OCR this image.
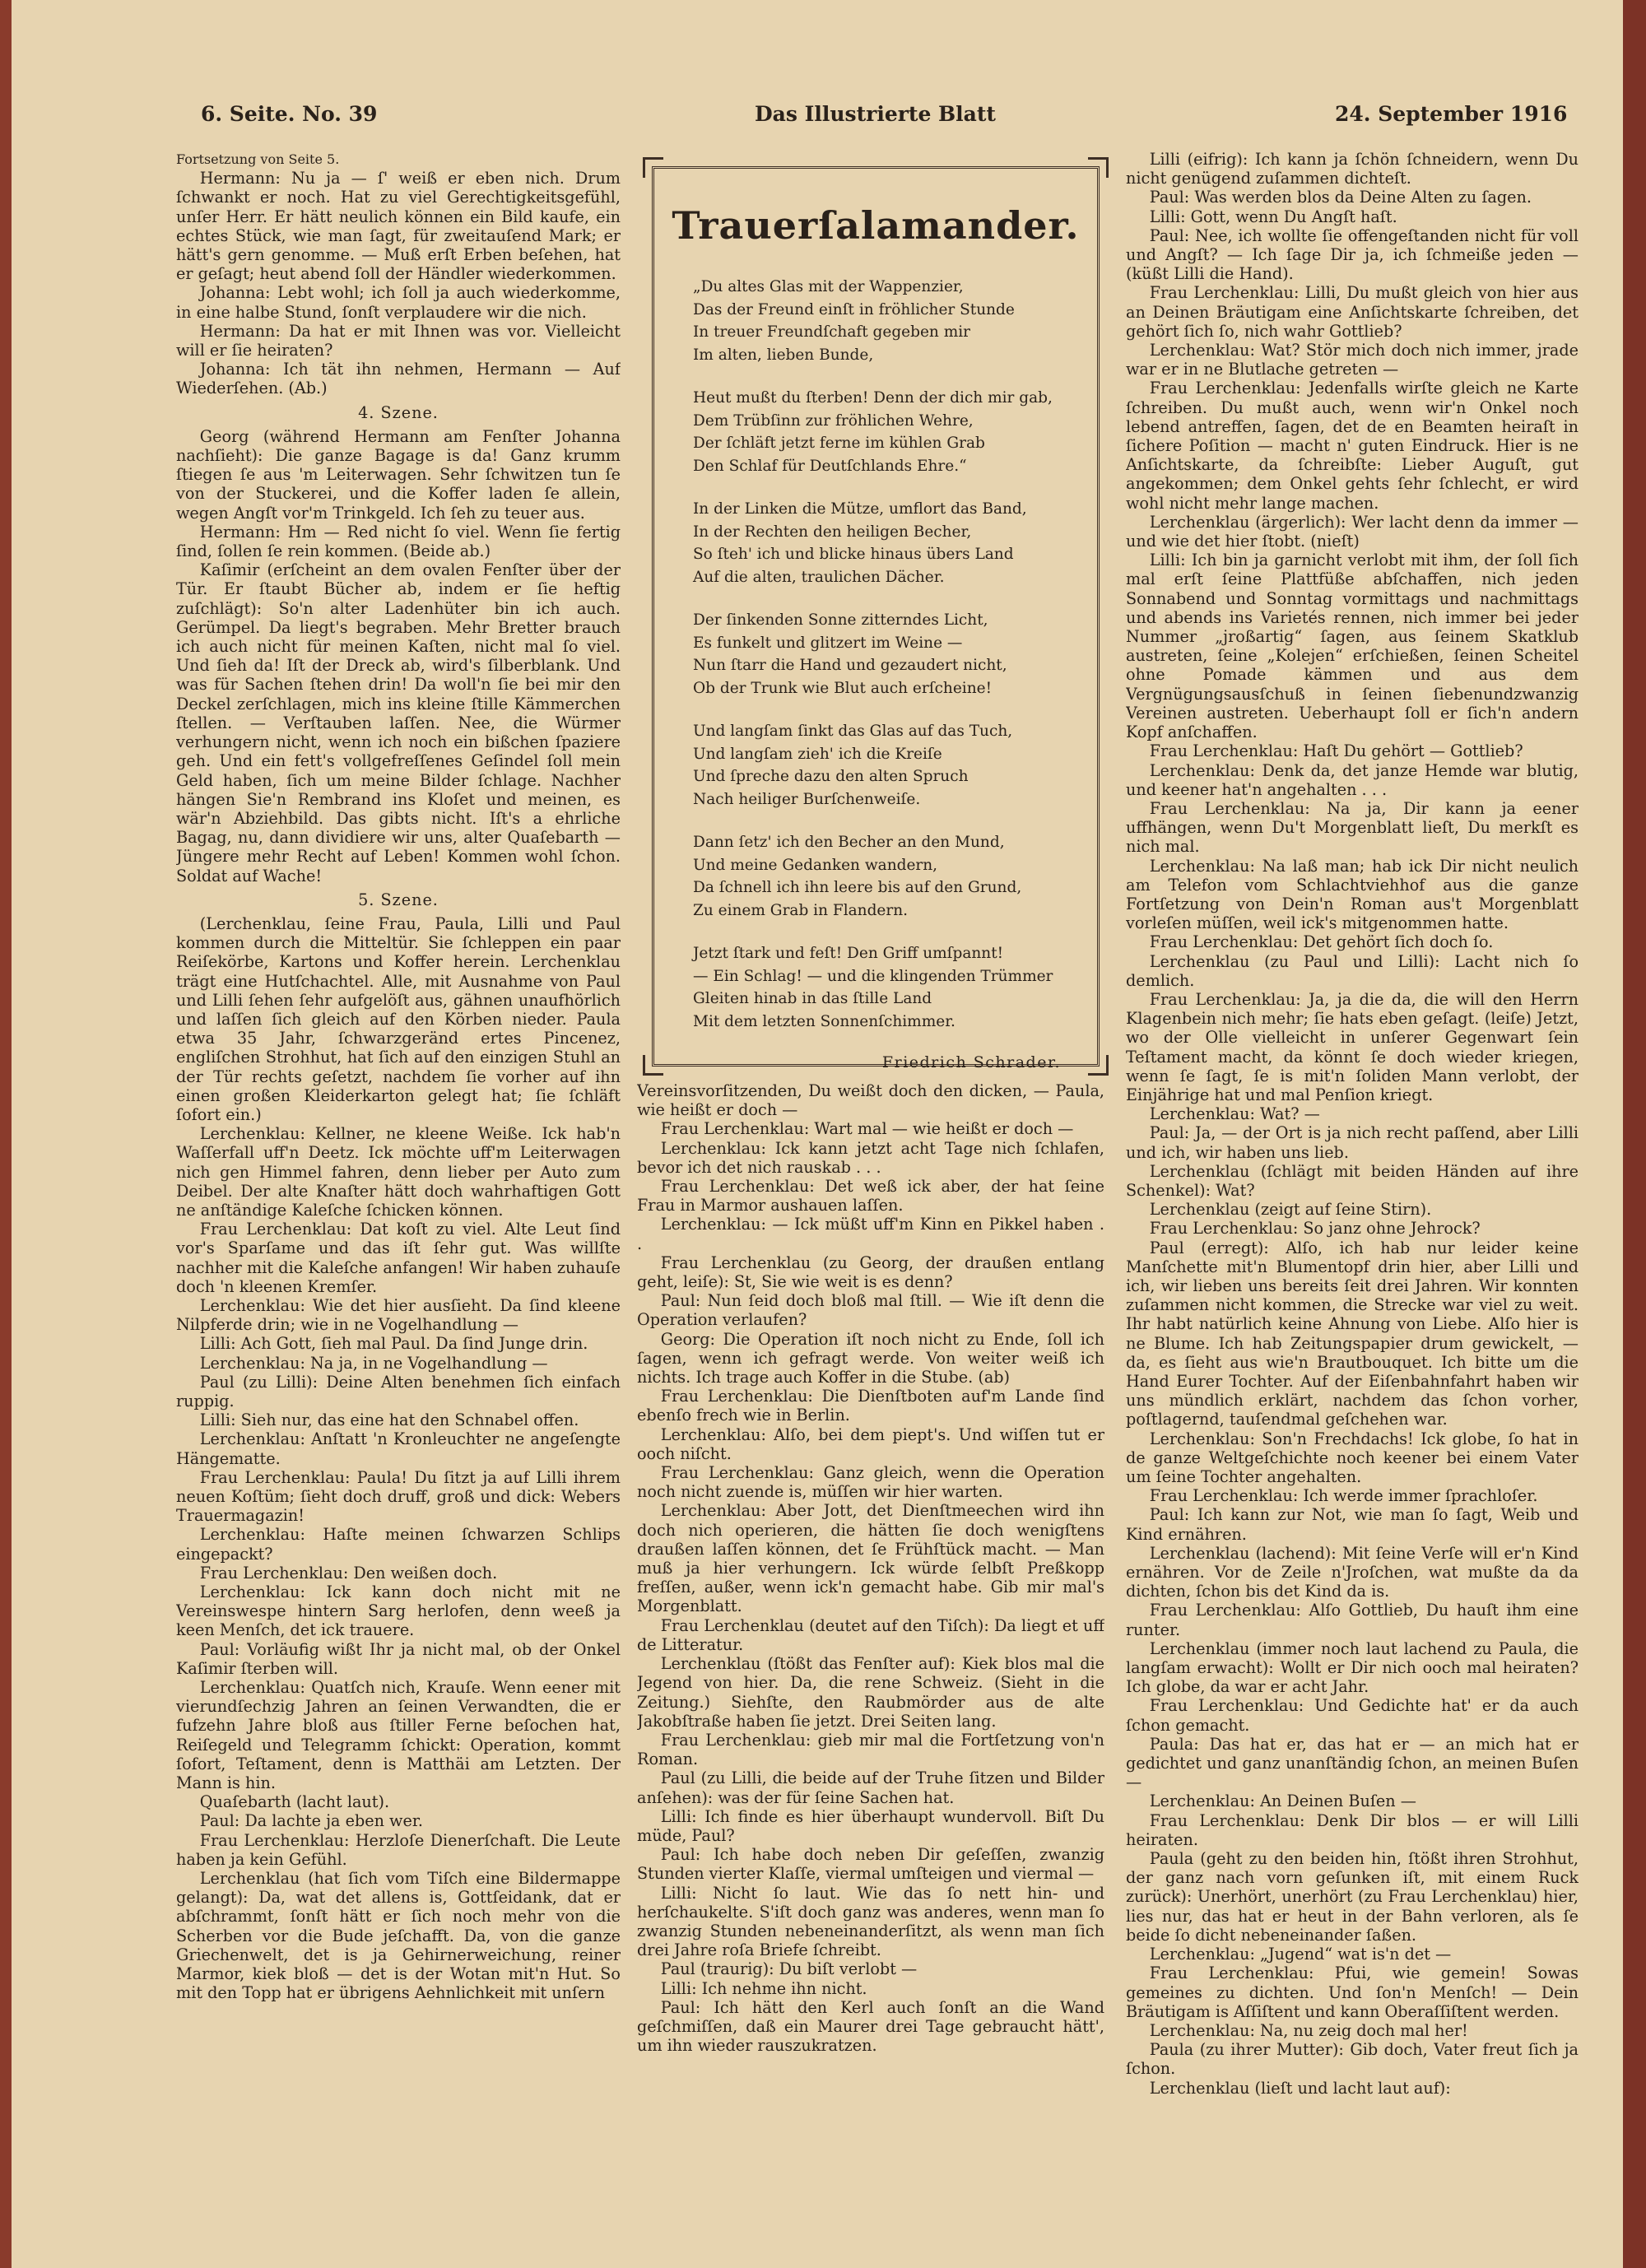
6. Seite. No. 39	Das Illustrierte Blatt	24. September 1916

Fortsetzung von Seite 5.

Hermann: Nu ja — ſ' weiß er eben nich. Drum ſchwankt er noch. Hat zu viel Gerechtigkeitsgefühl, unſer Herr. Er hätt neulich können ein Bild kaufe, ein echtes Stück, wie man ſagt, für zweitauſend Mark; er hätt's gern genomme. — Muß erſt Erben beſehen, hat er geſagt; heut abend ſoll der Händler wiederkommen.

Johanna: Lebt wohl; ich ſoll ja auch wiederkomme, in eine halbe Stund, ſonſt verplaudere wir die nich.

Hermann: Da hat er mit Ihnen was vor. Vielleicht will er ſie heiraten?

Johanna: Ich tät ihn nehmen, Hermann — Auf Wiederſehen. (Ab.)

4. Szene.

Georg (während Hermann am Fenſter Johanna nachſieht): Die ganze Bagage is da! Ganz krumm ſtiegen ſe aus 'm Leiterwagen. Sehr ſchwitzen tun ſe von der Stuckerei, und die Koffer laden ſe allein, wegen Angſt vor'm Trinkgeld. Ich ſeh zu teuer aus.

Hermann: Hm — Red nicht ſo viel. Wenn ſie fertig ſind, ſollen ſe rein kommen. (Beide ab.)

Kaſimir (erſcheint an dem ovalen Fenſter über der Tür. Er ſtaubt Bücher ab, indem er ſie heftig zuſchlägt): So'n alter Ladenhüter bin ich auch. Gerümpel. Da liegt's begraben. Mehr Bretter brauch ich auch nicht für meinen Kaſten, nicht mal ſo viel. Und ſieh da! Iſt der Dreck ab, wird's ſilberblank. Und was für Sachen ſtehen drin! Da woll'n ſie bei mir den Deckel zerſchlagen, mich ins kleine ſtille Kämmerchen ſtellen. — Verſtauben laſſen. Nee, die Würmer verhungern nicht, wenn ich noch ein bißchen ſpaziere geh. Und ein fett's vollgefreſſenes Geſindel ſoll mein Geld haben, ſich um meine Bilder ſchlage. Nachher hängen Sie'n Rembrand ins Kloſet und meinen, es wär'n Abziehbild. Das gibts nicht. Iſt's a ehrliche Bagag, nu, dann dividiere wir uns, alter Quaſebarth — Jüngere mehr Recht auf Leben! Kommen wohl ſchon. Soldat auf Wache!

5. Szene.

(Lerchenklau, ſeine Frau, Paula, Lilli und Paul kommen durch die Mitteltür. Sie ſchleppen ein paar Reiſekörbe, Kartons und Koffer herein. Lerchenklau trägt eine Hutſchachtel. Alle, mit Ausnahme von Paul und Lilli ſehen ſehr aufgelöſt aus, gähnen unaufhörlich und laſſen ſich gleich auf den Körben nieder. Paula etwa 35 Jahr, ſchwarzgeränd ertes Pincenez, engliſchen Strohhut, hat ſich auf den einzigen Stuhl an der Tür rechts geſetzt, nachdem ſie vorher auf ihn einen großen Kleiderkarton gelegt hat; ſie ſchläft ſofort ein.)

Lerchenklau: Kellner, ne kleene Weiße. Ick hab'n Waſſerfall uff'n Deetz. Ick möchte uff'm Leiterwagen nich gen Himmel fahren, denn lieber per Auto zum Deibel. Der alte Knaſter hätt doch wahrhaftigen Gott ne anſtändige Kaleſche ſchicken können.

Frau Lerchenklau: Dat koſt zu viel. Alte Leut ſind vor's Sparſame und das iſt ſehr gut. Was willſte nachher mit die Kaleſche anfangen! Wir haben zuhauſe doch 'n kleenen Kremſer.

Lerchenklau: Wie det hier ausſieht. Da ſind kleene Nilpferde drin; wie in ne Vogelhandlung —

Lilli: Ach Gott, ſieh mal Paul. Da ſind Junge drin.

Lerchenklau: Na ja, in ne Vogelhandlung —

Paul (zu Lilli): Deine Alten benehmen ſich einfach ruppig.

Lilli: Sieh nur, das eine hat den Schnabel offen.

Lerchenklau: Anſtatt 'n Kronleuchter ne angeſengte Hängematte.

Frau Lerchenklau: Paula! Du ſitzt ja auf Lilli ihrem neuen Koſtüm; ſieht doch druff, groß und dick: Webers Trauermagazin!

Lerchenklau: Haſte meinen ſchwarzen Schlips eingepackt?

Frau Lerchenklau: Den weißen doch.

Lerchenklau: Ick kann doch nicht mit ne Vereinswespe hintern Sarg herlofen, denn weeß ja keen Menſch, det ick trauere.

Paul: Vorläufig wißt Ihr ja nicht mal, ob der Onkel Kaſimir ſterben will.

Lerchenklau: Quatſch nich, Krauſe. Wenn eener mit vierundſechzig Jahren an ſeinen Verwandten, die er fufzehn Jahre bloß aus ſtiller Ferne beſochen hat, Reiſegeld und Telegramm ſchickt: Operation, kommt ſofort, Teſtament, denn is Matthäi am Letzten. Der Mann is hin.

Quaſebarth (lacht laut).

Paul: Da lachte ja eben wer.

Frau Lerchenklau: Herzloſe Dienerſchaft. Die Leute haben ja kein Gefühl.

Lerchenklau (hat ſich vom Tiſch eine Bildermappe gelangt): Da, wat det allens is, Gottſeidank, dat er abſchrammt, ſonſt hätt er ſich noch mehr von die Scherben vor die Bude jeſchafft. Da, von die ganze Griechenwelt, det is ja Gehirnerweichung, reiner Marmor, kiek bloß — det is der Wotan mit'n Hut. So mit den Topp hat er übrigens Aehnlichkeit mit unſern

Trauerſalamander.
„Du altes Glas mit der Wappenzier,
Das der Freund einſt in fröhlicher Stunde
In treuer Freundſchaft gegeben mir
Im alten, lieben Bunde,
Heut mußt du ſterben! Denn der dich mir gab,
Dem Trübſinn zur fröhlichen Wehre,
Der ſchläft jetzt ferne im kühlen Grab
Den Schlaf für Deutſchlands Ehre.“
In der Linken die Mütze, umflort das Band,
In der Rechten den heiligen Becher,
So ſteh' ich und blicke hinaus übers Land
Auf die alten, traulichen Dächer.
Der ſinkenden Sonne zitterndes Licht,
Es funkelt und glitzert im Weine —
Nun ſtarr die Hand und gezaudert nicht,
Ob der Trunk wie Blut auch erſcheine!
Und langſam ſinkt das Glas auf das Tuch,
Und langſam zieh' ich die Kreiſe
Und ſpreche dazu den alten Spruch
Nach heiliger Burſchenweiſe.
Dann ſetz' ich den Becher an den Mund,
Und meine Gedanken wandern,
Da ſchnell ich ihn leere bis auf den Grund,
Zu einem Grab in Flandern.
Jetzt ſtark und feſt! Den Griff umſpannt!
— Ein Schlag! — und die klingenden Trümmer
Gleiten hinab in das ſtille Land
Mit dem letzten Sonnenſchimmer.
Friedrich Schrader.

Vereinsvorſitzenden, Du weißt doch den dicken, — Paula, wie heißt er doch —

Frau Lerchenklau: Wart mal — wie heißt er doch —

Lerchenklau: Ick kann jetzt acht Tage nich ſchlafen, bevor ich det nich rauskab . . .

Frau Lerchenklau: Det weß ick aber, der hat ſeine Frau in Marmor aushauen laſſen.

Lerchenklau: — Ick müßt uff'm Kinn en Pikkel haben . .

Frau Lerchenklau (zu Georg, der draußen entlang geht, leiſe): St, Sie wie weit is es denn?

Paul: Nun ſeid doch bloß mal ſtill. — Wie iſt denn die Operation verlaufen?

Georg: Die Operation iſt noch nicht zu Ende, ſoll ich ſagen, wenn ich gefragt werde. Von weiter weiß ich nichts. Ich trage auch Koffer in die Stube. (ab)

Frau Lerchenklau: Die Dienſtboten auf'm Lande ſind ebenſo frech wie in Berlin.

Lerchenklau: Alſo, bei dem piept's. Und wiſſen tut er ooch niſcht.

Frau Lerchenklau: Ganz gleich, wenn die Operation noch nicht zuende is, müſſen wir hier warten.

Lerchenklau: Aber Jott, det Dienſtmeechen wird ihn doch nich operieren, die hätten ſie doch wenigſtens draußen laſſen können, det ſe Frühſtück macht. — Man muß ja hier verhungern. Ick würde ſelbſt Preßkopp freſſen, außer, wenn ick'n gemacht habe. Gib mir mal's Morgenblatt.

Frau Lerchenklau (deutet auf den Tiſch): Da liegt et uff de Litteratur.

Lerchenklau (ſtößt das Fenſter auf): Kiek blos mal die Jegend von hier. Da, die rene Schweiz. (Sieht in die Zeitung.) Siehſte, den Raubmörder aus de alte Jakobſtraße haben ſie jetzt. Drei Seiten lang.

Frau Lerchenklau: gieb mir mal die Fortſetzung von'n Roman.

Paul (zu Lilli, die beide auf der Truhe ſitzen und Bilder anſehen): was der für ſeine Sachen hat.

Lilli: Ich finde es hier überhaupt wundervoll. Biſt Du müde, Paul?

Paul: Ich habe doch neben Dir geſeſſen, zwanzig Stunden vierter Klaſſe, viermal umſteigen und viermal —

Lilli: Nicht ſo laut. Wie das ſo nett hin- und herſchaukelte. S'iſt doch ganz was anderes, wenn man ſo zwanzig Stunden nebeneinanderſitzt, als wenn man ſich drei Jahre roſa Briefe ſchreibt.

Paul (traurig): Du biſt verlobt —

Lilli: Ich nehme ihn nicht.

Paul: Ich hätt den Kerl auch ſonſt an die Wand geſchmiſſen, daß ein Maurer drei Tage gebraucht hätt', um ihn wieder rauszukratzen.

Lilli (eifrig): Ich kann ja ſchön ſchneidern, wenn Du nicht genügend zuſammen dichteſt.

Paul: Was werden blos da Deine Alten zu ſagen.

Lilli: Gott, wenn Du Angſt haſt.

Paul: Nee, ich wollte ſie offengeſtanden nicht für voll und Angſt? — Ich ſage Dir ja, ich ſchmeiße jeden — (küßt Lilli die Hand).

Frau Lerchenklau: Lilli, Du mußt gleich von hier aus an Deinen Bräutigam eine Anſichtskarte ſchreiben, det gehört ſich ſo, nich wahr Gottlieb?

Lerchenklau: Wat? Stör mich doch nich immer, jrade war er in ne Blutlache getreten —

Frau Lerchenklau: Jedenfalls wirſte gleich ne Karte ſchreiben. Du mußt auch, wenn wir'n Onkel noch lebend antreffen, ſagen, det de en Beamten heiraſt in ſichere Poſition — macht n' guten Eindruck. Hier is ne Anſichtskarte, da ſchreibſte: Lieber Auguſt, gut angekommen; dem Onkel gehts ſehr ſchlecht, er wird wohl nicht mehr lange machen.

Lerchenklau (ärgerlich): Wer lacht denn da immer — und wie det hier ſtobt. (nieſt)

Lilli: Ich bin ja garnicht verlobt mit ihm, der ſoll ſich mal erſt ſeine Plattfüße abſchaffen, nich jeden Sonnabend und Sonntag vormittags und nachmittags und abends ins Varietés rennen, nich immer bei jeder Nummer „jroßartig“ ſagen, aus ſeinem Skatklub austreten, ſeine „Kolejen“ erſchießen, ſeinen Scheitel ohne Pomade kämmen und aus dem Vergnügungsausſchuß in ſeinen ſiebenundzwanzig Vereinen austreten. Ueberhaupt ſoll er ſich'n andern Kopf anſchaffen.

Frau Lerchenklau: Haſt Du gehört — Gottlieb?

Lerchenklau: Denk da, det janze Hemde war blutig, und keener hat'n angehalten . . .

Frau Lerchenklau: Na ja, Dir kann ja eener uffhängen, wenn Du't Morgenblatt lieſt, Du merkſt es nich mal.

Lerchenklau: Na laß man; hab ick Dir nicht neulich am Telefon vom Schlachtviehhof aus die ganze Fortſetzung von Dein'n Roman aus't Morgenblatt vorleſen müſſen, weil ick's mitgenommen hatte.

Frau Lerchenklau: Det gehört ſich doch ſo.

Lerchenklau (zu Paul und Lilli): Lacht nich ſo demlich.

Frau Lerchenklau: Ja, ja die da, die will den Herrn Klagenbein nich mehr; ſie hats eben geſagt. (leiſe) Jetzt, wo der Olle vielleicht in unſerer Gegenwart ſein Teſtament macht, da könnt ſe doch wieder kriegen, wenn ſe ſagt, ſe is mit'n ſoliden Mann verlobt, der Einjährige hat und mal Penſion kriegt.

Lerchenklau: Wat? —

Paul: Ja, — der Ort is ja nich recht paſſend, aber Lilli und ich, wir haben uns lieb.

Lerchenklau (ſchlägt mit beiden Händen auf ihre Schenkel): Wat?

Lerchenklau (zeigt auf ſeine Stirn).

Frau Lerchenklau: So janz ohne Jehrock?

Paul (erregt): Alſo, ich hab nur leider keine Manſchette mit'n Blumentopf drin hier, aber Lilli und ich, wir lieben uns bereits ſeit drei Jahren. Wir konnten zuſammen nicht kommen, die Strecke war viel zu weit. Ihr habt natürlich keine Ahnung von Liebe. Alſo hier is ne Blume. Ich hab Zeitungspapier drum gewickelt, — da, es ſieht aus wie'n Brautbouquet. Ich bitte um die Hand Eurer Tochter. Auf der Eiſenbahnfahrt haben wir uns mündlich erklärt, nachdem das ſchon vorher, poſtlagernd, tauſendmal geſchehen war.

Lerchenklau: Son'n Frechdachs! Ick globe, ſo hat in de ganze Weltgeſchichte noch keener bei einem Vater um ſeine Tochter angehalten.

Frau Lerchenklau: Ich werde immer ſprachloſer.

Paul: Ich kann zur Not, wie man ſo ſagt, Weib und Kind ernähren.

Lerchenklau (lachend): Mit ſeine Verſe will er'n Kind ernähren. Vor de Zeile n'Jroſchen, wat mußte da da dichten, ſchon bis det Kind da is.

Frau Lerchenklau: Alſo Gottlieb, Du hauſt ihm eine runter.

Lerchenklau (immer noch laut lachend zu Paula, die langſam erwacht): Wollt er Dir nich ooch mal heiraten? Ich globe, da war er acht Jahr.

Frau Lerchenklau: Und Gedichte hat' er da auch ſchon gemacht.

Paula: Das hat er, das hat er — an mich hat er gedichtet und ganz unanſtändig ſchon, an meinen Buſen —

Lerchenklau: An Deinen Buſen —

Frau Lerchenklau: Denk Dir blos — er will Lilli heiraten.

Paula (geht zu den beiden hin, ſtößt ihren Strohhut, der ganz nach vorn geſunken iſt, mit einem Ruck zurück): Unerhört, unerhört (zu Frau Lerchenklau) hier, lies nur, das hat er heut in der Bahn verloren, als ſe beide ſo dicht nebeneinander ſaßen.

Lerchenklau: „Jugend“ wat is'n det —

Frau Lerchenklau: Pfui, wie gemein! Sowas gemeines zu dichten. Und ſon'n Menſch! — Dein Bräutigam is Aſſiſtent und kann Oberaſſiſtent werden.

Lerchenklau: Na, nu zeig doch mal her!

Paula (zu ihrer Mutter): Gib doch, Vater freut ſich ja ſchon.

Lerchenklau (lieſt und lacht laut auf):
